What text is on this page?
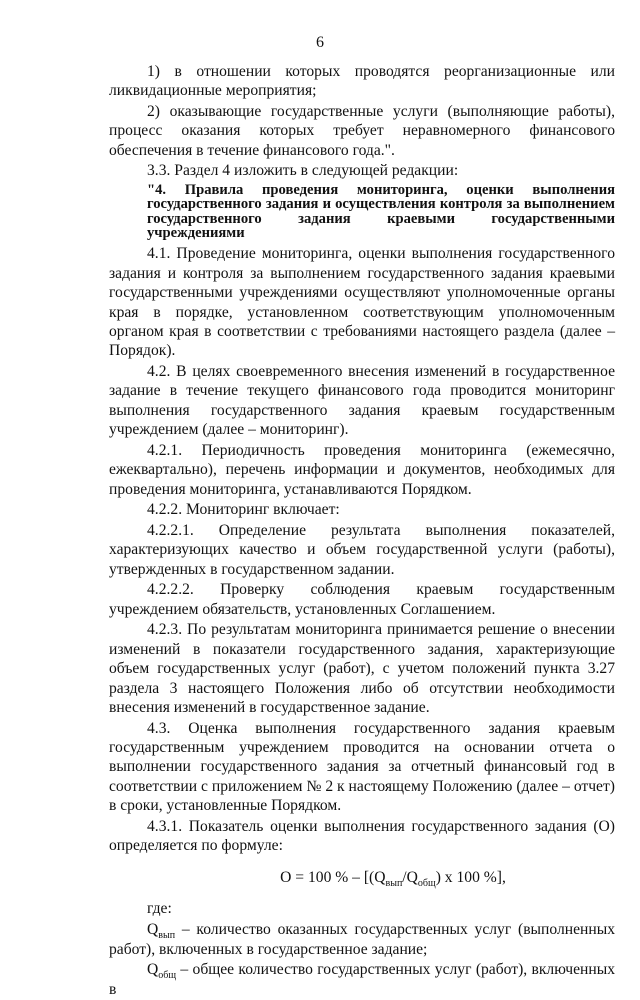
6

1) в отношении которых проводятся реорганизационные или ликвидационные мероприятия;

2) оказывающие государственные услуги (выполняющие работы), процесс оказания которых требует неравномерного финансового обеспечения в течение финансового года.".

3.3. Раздел 4 изложить в следующей редакции:

"4. Правила проведения мониторинга, оценки выполнения государственного задания и осуществления контроля за выполнением государственного задания краевыми государственными учреждениями

4.1. Проведение мониторинга, оценки выполнения государственного задания и контроля за выполнением государственного задания краевыми государственными учреждениями осуществляют уполномоченные органы края в порядке, установленном соответствующим уполномоченным органом края в соответствии с требованиями настоящего раздела (далее – Порядок).

4.2. В целях своевременного внесения изменений в государственное задание в течение текущего финансового года проводится мониторинг выполнения государственного задания краевым государственным учреждением (далее – мониторинг).

4.2.1. Периодичность проведения мониторинга (ежемесячно, ежеквартально), перечень информации и документов, необходимых для проведения мониторинга, устанавливаются Порядком.

4.2.2. Мониторинг включает:

4.2.2.1. Определение результата выполнения показателей, характеризующих качество и объем государственной услуги (работы), утвержденных в государственном задании.

4.2.2.2. Проверку соблюдения краевым государственным учреждением обязательств, установленных Соглашением.

4.2.3. По результатам мониторинга принимается решение о внесении изменений в показатели государственного задания, характеризующие объем государственных услуг (работ), с учетом положений пункта 3.27 раздела 3 настоящего Положения либо об отсутствии необходимости внесения изменений в государственное задание.

4.3. Оценка выполнения государственного задания краевым государственным учреждением проводится на основании отчета о выполнении государственного задания за отчетный финансовый год в соответствии с приложением № 2 к настоящему Положению (далее – отчет) в сроки, установленные Порядком.

4.3.1. Показатель оценки выполнения государственного задания (О) определяется по формуле:

О = 100 % – [$(Q_{вып}/Q_{общ})$ x 100 %],

где:

$Q_{вып}$ – количество оказанных государственных услуг (выполненных работ), включенных в государственное задание;

$Q_{общ}$ – общее количество государственных услуг (работ), включенных в
